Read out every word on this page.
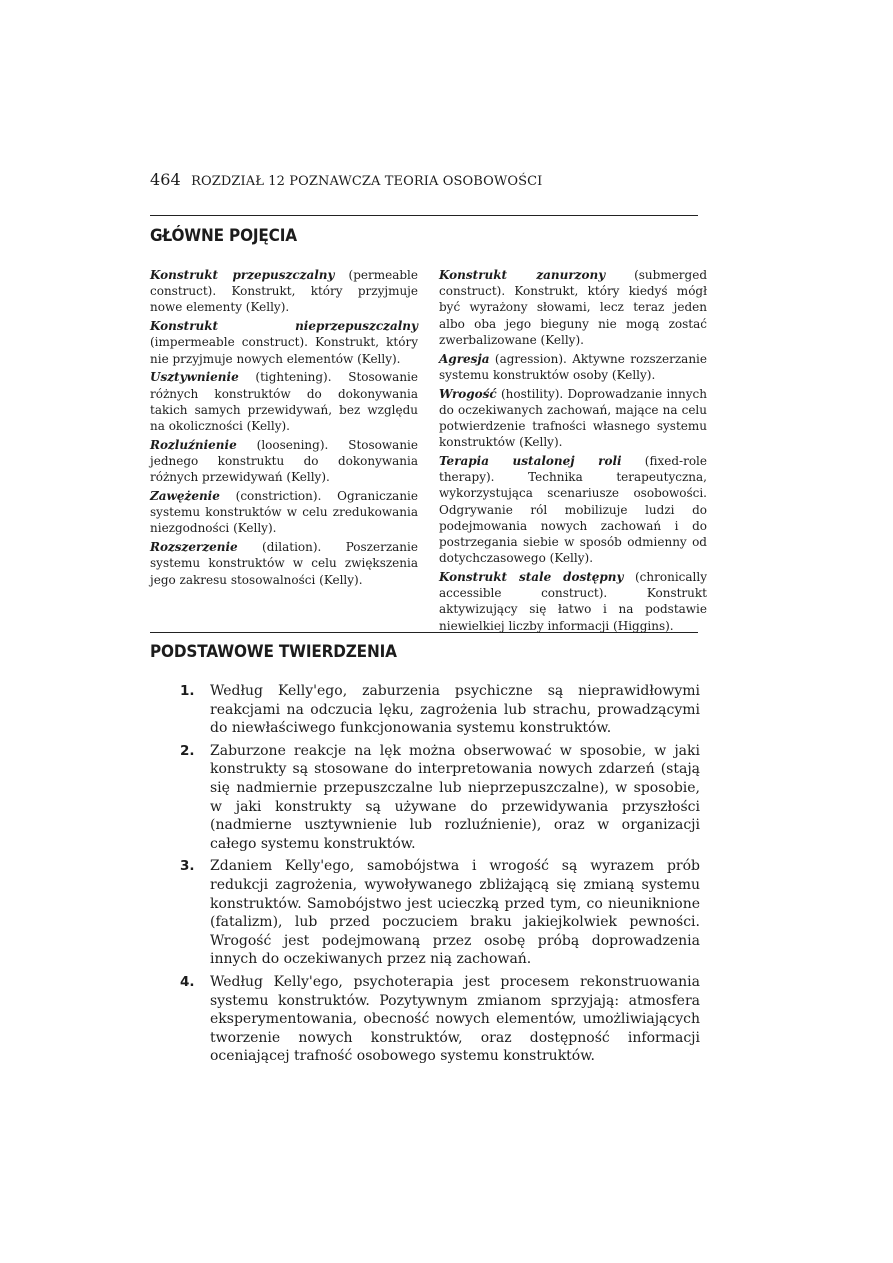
464 ROZDZIAŁ 12 POZNAWCZA TEORIA OSOBOWOŚCI
GŁÓWNE POJĘCIA

Konstrukt przepuszczalny (permeable construct). Konstrukt, który przyjmuje nowe elementy (Kelly).

Konstrukt nieprzepuszczalny (impermeable construct). Konstrukt, który nie przyjmuje nowych elementów (Kelly).

Usztywnienie (tightening). Stosowanie różnych konstruktów do dokonywania takich samych przewidywań, bez względu na okoliczności (Kelly).

Rozluźnienie (loosening). Stosowanie jednego konstruktu do dokonywania różnych przewidywań (Kelly).

Zawężenie (constriction). Ograniczanie systemu konstruktów w celu zredukowania niezgodności (Kelly).

Rozszerzenie (dilation). Poszerzanie systemu konstruktów w celu zwiększenia jego zakresu stosowalności (Kelly).

Konstrukt zanurzony (submerged construct). Konstrukt, który kiedyś mógł być wyrażony słowami, lecz teraz jeden albo oba jego bieguny nie mogą zostać zwerbalizowane (Kelly).

Agresja (agression). Aktywne rozszerzanie systemu konstruktów osoby (Kelly).

Wrogość (hostility). Doprowadzanie innych do oczekiwanych zachowań, mające na celu potwierdzenie trafności własnego systemu konstruktów (Kelly).

Terapia ustalonej roli (fixed-role therapy). Technika terapeutyczna, wykorzystująca scenariusze osobowości. Odgrywanie ról mobilizuje ludzi do podejmowania nowych zachowań i do postrzegania siebie w sposób odmienny od dotychczasowego (Kelly).

Konstrukt stale dostępny (chronically accessible construct). Konstrukt aktywizujący się łatwo i na podstawie niewielkiej liczby informacji (Higgins).

PODSTAWOWE TWIERDZENIA
1.	Według Kelly'ego, zaburzenia psychiczne są nieprawidłowymi reakcjami na odczucia lęku, zagrożenia lub strachu, prowadzącymi do niewłaściwego funkcjonowania systemu konstruktów.
2.	Zaburzone reakcje na lęk można obserwować w sposobie, w jaki konstrukty są stosowane do interpretowania nowych zdarzeń (stają się nadmiernie przepuszczalne lub nieprzepuszczalne), w sposobie, w jaki konstrukty są używane do przewidywania przyszłości (nadmierne usztywnienie lub rozluźnienie), oraz w organizacji całego systemu konstruktów.
3.	Zdaniem Kelly'ego, samobójstwa i wrogość są wyrazem prób redukcji zagrożenia, wywoływanego zbliżającą się zmianą systemu konstruktów. Samobójstwo jest ucieczką przed tym, co nieuniknione (fatalizm), lub przed poczuciem braku jakiejkolwiek pewności. Wrogość jest podejmowaną przez osobę próbą doprowadzenia innych do oczekiwanych przez nią zachowań.
4.	Według Kelly'ego, psychoterapia jest procesem rekonstruowania systemu konstruktów. Pozytywnym zmianom sprzyjają: atmosfera eksperymentowania, obecność nowych elementów, umożliwiających tworzenie nowych konstruktów, oraz dostępność informacji oceniającej trafność osobowego systemu konstruktów.
